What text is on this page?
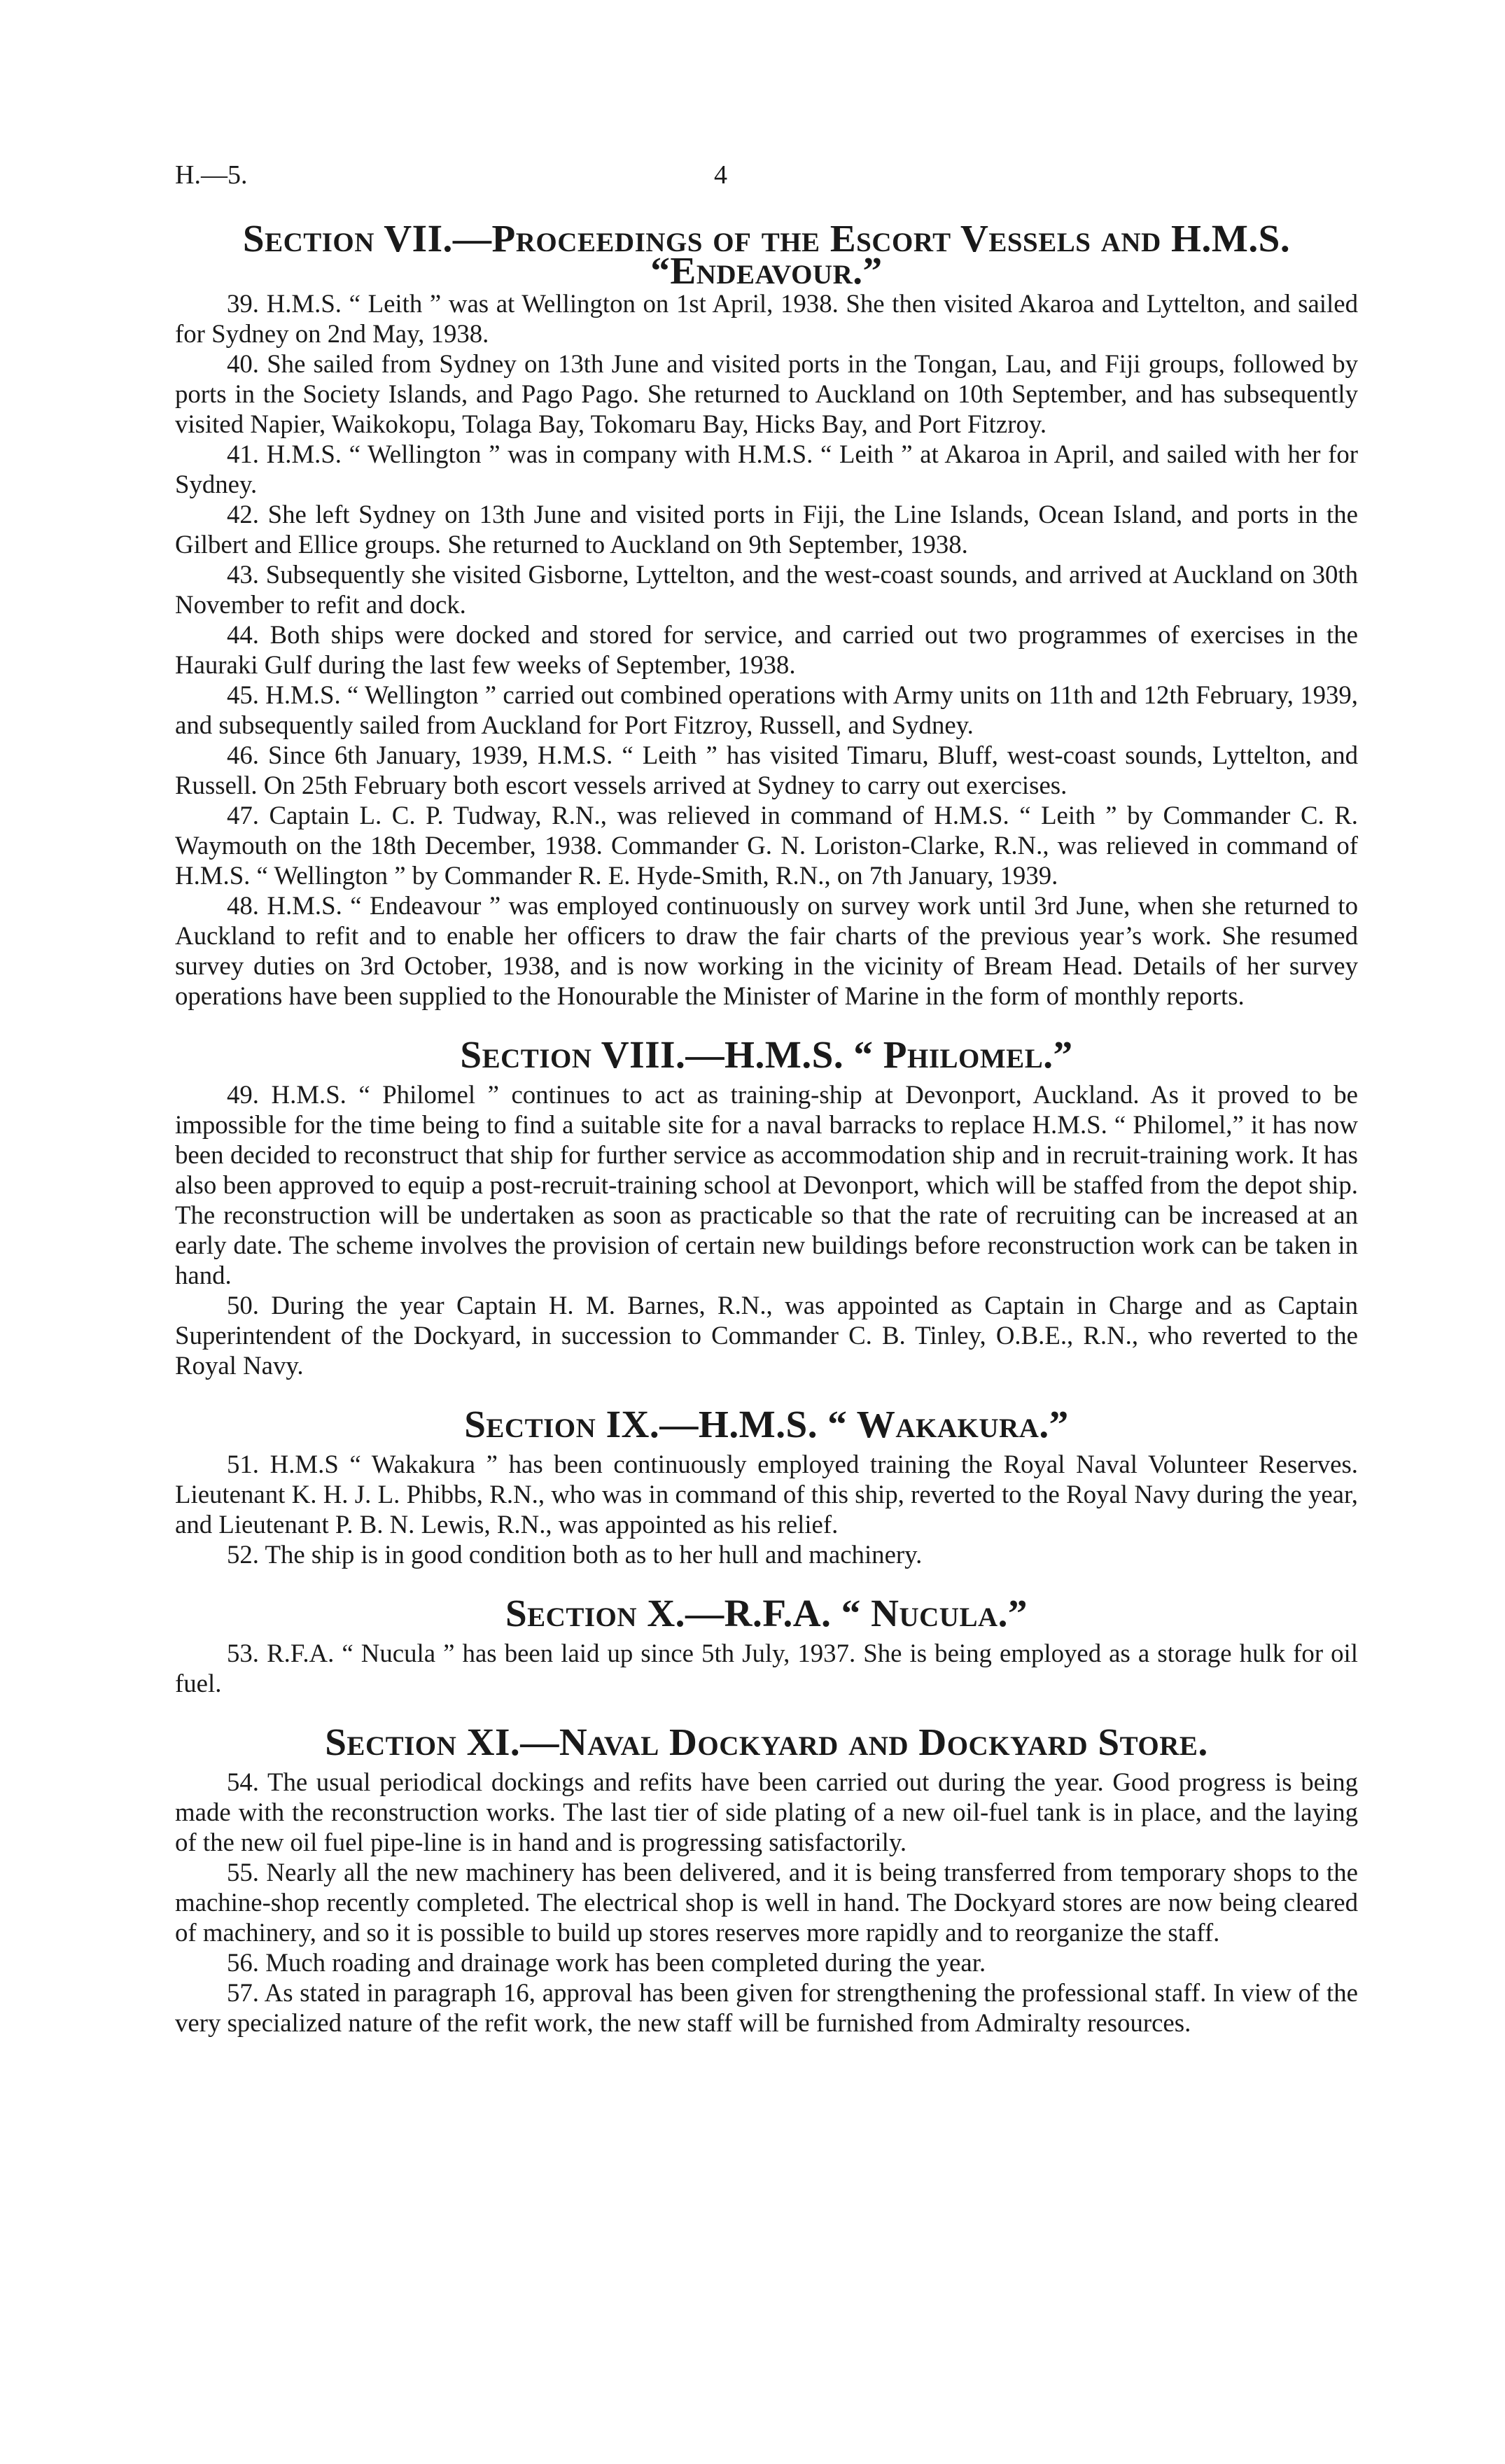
H.—5.	4
Section VII.—Proceedings of the Escort Vessels and H.M.S. “Endeavour.”

39. H.M.S. “ Leith ” was at Wellington on 1st April, 1938. She then visited Akaroa and Lyttelton, and sailed for Sydney on 2nd May, 1938.

40. She sailed from Sydney on 13th June and visited ports in the Tongan, Lau, and Fiji groups, followed by ports in the Society Islands, and Pago Pago. She returned to Auckland on 10th September, and has subsequently visited Napier, Waikokopu, Tolaga Bay, Tokomaru Bay, Hicks Bay, and Port Fitzroy.

41. H.M.S. “ Wellington ” was in company with H.M.S. “ Leith ” at Akaroa in April, and sailed with her for Sydney.

42. She left Sydney on 13th June and visited ports in Fiji, the Line Islands, Ocean Island, and ports in the Gilbert and Ellice groups. She returned to Auckland on 9th September, 1938.

43. Subsequently she visited Gisborne, Lyttelton, and the west-coast sounds, and arrived at Auckland on 30th November to refit and dock.

44. Both ships were docked and stored for service, and carried out two programmes of exercises in the Hauraki Gulf during the last few weeks of September, 1938.

45. H.M.S. “ Wellington ” carried out combined operations with Army units on 11th and 12th February, 1939, and subsequently sailed from Auckland for Port Fitzroy, Russell, and Sydney.

46. Since 6th January, 1939, H.M.S. “ Leith ” has visited Timaru, Bluff, west-coast sounds, Lyttelton, and Russell. On 25th February both escort vessels arrived at Sydney to carry out exercises.

47. Captain L. C. P. Tudway, R.N., was relieved in command of H.M.S. “ Leith ” by Commander C. R. Waymouth on the 18th December, 1938. Commander G. N. Loriston-Clarke, R.N., was relieved in command of H.M.S. “ Wellington ” by Commander R. E. Hyde-Smith, R.N., on 7th January, 1939.

48. H.M.S. “ Endeavour ” was employed continuously on survey work until 3rd June, when she returned to Auckland to refit and to enable her officers to draw the fair charts of the previous year’s work. She resumed survey duties on 3rd October, 1938, and is now working in the vicinity of Bream Head. Details of her survey operations have been supplied to the Honourable the Minister of Marine in the form of monthly reports.

Section VIII.—H.M.S. “ Philomel.”

49. H.M.S. “ Philomel ” continues to act as training-ship at Devonport, Auckland. As it proved to be impossible for the time being to find a suitable site for a naval barracks to replace H.M.S. “ Philomel,” it has now been decided to reconstruct that ship for further service as accommodation ship and in recruit-training work. It has also been approved to equip a post-recruit-training school at Devonport, which will be staffed from the depot ship. The reconstruction will be undertaken as soon as practicable so that the rate of recruiting can be increased at an early date. The scheme involves the provision of certain new buildings before reconstruction work can be taken in hand.

50. During the year Captain H. M. Barnes, R.N., was appointed as Captain in Charge and as Captain Superintendent of the Dockyard, in succession to Commander C. B. Tinley, O.B.E., R.N., who reverted to the Royal Navy.

Section IX.—H.M.S. “ Wakakura.”

51. H.M.S “ Wakakura ” has been continuously employed training the Royal Naval Volunteer Reserves. Lieutenant K. H. J. L. Phibbs, R.N., who was in command of this ship, reverted to the Royal Navy during the year, and Lieutenant P. B. N. Lewis, R.N., was appointed as his relief.

52. The ship is in good condition both as to her hull and machinery.

Section X.—R.F.A. “ Nucula.”

53. R.F.A. “ Nucula ” has been laid up since 5th July, 1937. She is being employed as a storage hulk for oil fuel.

Section XI.—Naval Dockyard and Dockyard Store.

54. The usual periodical dockings and refits have been carried out during the year. Good progress is being made with the reconstruction works. The last tier of side plating of a new oil-fuel tank is in place, and the laying of the new oil fuel pipe-line is in hand and is progressing satisfactorily.

55. Nearly all the new machinery has been delivered, and it is being transferred from temporary shops to the machine-shop recently completed. The electrical shop is well in hand. The Dockyard stores are now being cleared of machinery, and so it is possible to build up stores reserves more rapidly and to reorganize the staff.

56. Much roading and drainage work has been completed during the year.

57. As stated in paragraph 16, approval has been given for strengthening the professional staff. In view of the very specialized nature of the refit work, the new staff will be furnished from Admiralty resources.
